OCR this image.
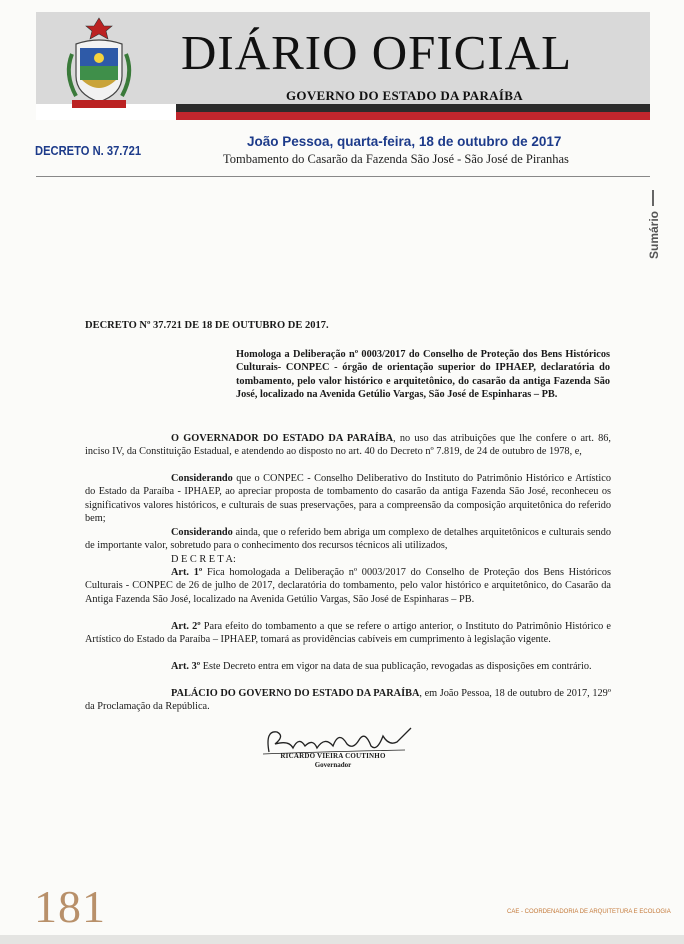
DIÁRIO OFICIAL
GOVERNO DO ESTADO DA PARAÍBA
DECRETO N. 37.721
João Pessoa, quarta-feira, 18 de outubro de 2017
Tombamento do Casarão da Fazenda São José - São José de Piranhas
Sumário
DECRETO Nº 37.721 DE 18 DE OUTUBRO DE 2017.
Homologa a Deliberação nº 0003/2017 do Conselho de Proteção dos Bens Históricos Culturais- CONPEC - órgão de orientação superior do IPHAEP, declaratória do tombamento, pelo valor histórico e arquitetônico, do casarão da antiga Fazenda São José, localizado na Avenida Getúlio Vargas, São José de Espinharas – PB.
O GOVERNADOR DO ESTADO DA PARAÍBA, no uso das atribuições que lhe confere o art. 86, inciso IV, da Constituição Estadual, e atendendo ao disposto no art. 40 do Decreto nº 7.819, de 24 de outubro de 1978, e,
Considerando que o CONPEC - Conselho Deliberativo do Instituto do Patrimônio Histórico e Artístico do Estado da Paraíba - IPHAEP, ao apreciar proposta de tombamento do casarão da antiga Fazenda São José, reconheceu os significativos valores históricos, e culturais de suas preservações, para a compreensão da composição arquitetônica do referido bem;
Considerando ainda, que o referido bem abriga um complexo de detalhes arquitetônicos e culturais sendo de importante valor, sobretudo para o conhecimento dos recursos técnicos ali utilizados,
D E C R E T A:
Art. 1º Fica homologada a Deliberação nº 0003/2017 do Conselho de Proteção dos Bens Históricos Culturais - CONPEC de 26 de julho de 2017, declaratória do tombamento, pelo valor histórico e arquitetônico, do Casarão da Antiga Fazenda São José, localizado na Avenida Getúlio Vargas, São José de Espinharas – PB.
Art. 2º Para efeito do tombamento a que se refere o artigo anterior, o Instituto do Patrimônio Histórico e Artístico do Estado da Paraíba – IPHAEP, tomará as providências cabíveis em cumprimento à legislação vigente.
Art. 3º Este Decreto entra em vigor na data de sua publicação, revogadas as disposições em contrário.
PALÁCIO DO GOVERNO DO ESTADO DA PARAÍBA, em João Pessoa, 18 de outubro de 2017, 129º da Proclamação da República.
RICARDO VIEIRA COUTINHO
Governador
181	CAE - COORDENADORIA DE ARQUITETURA E ECOLOGIA
